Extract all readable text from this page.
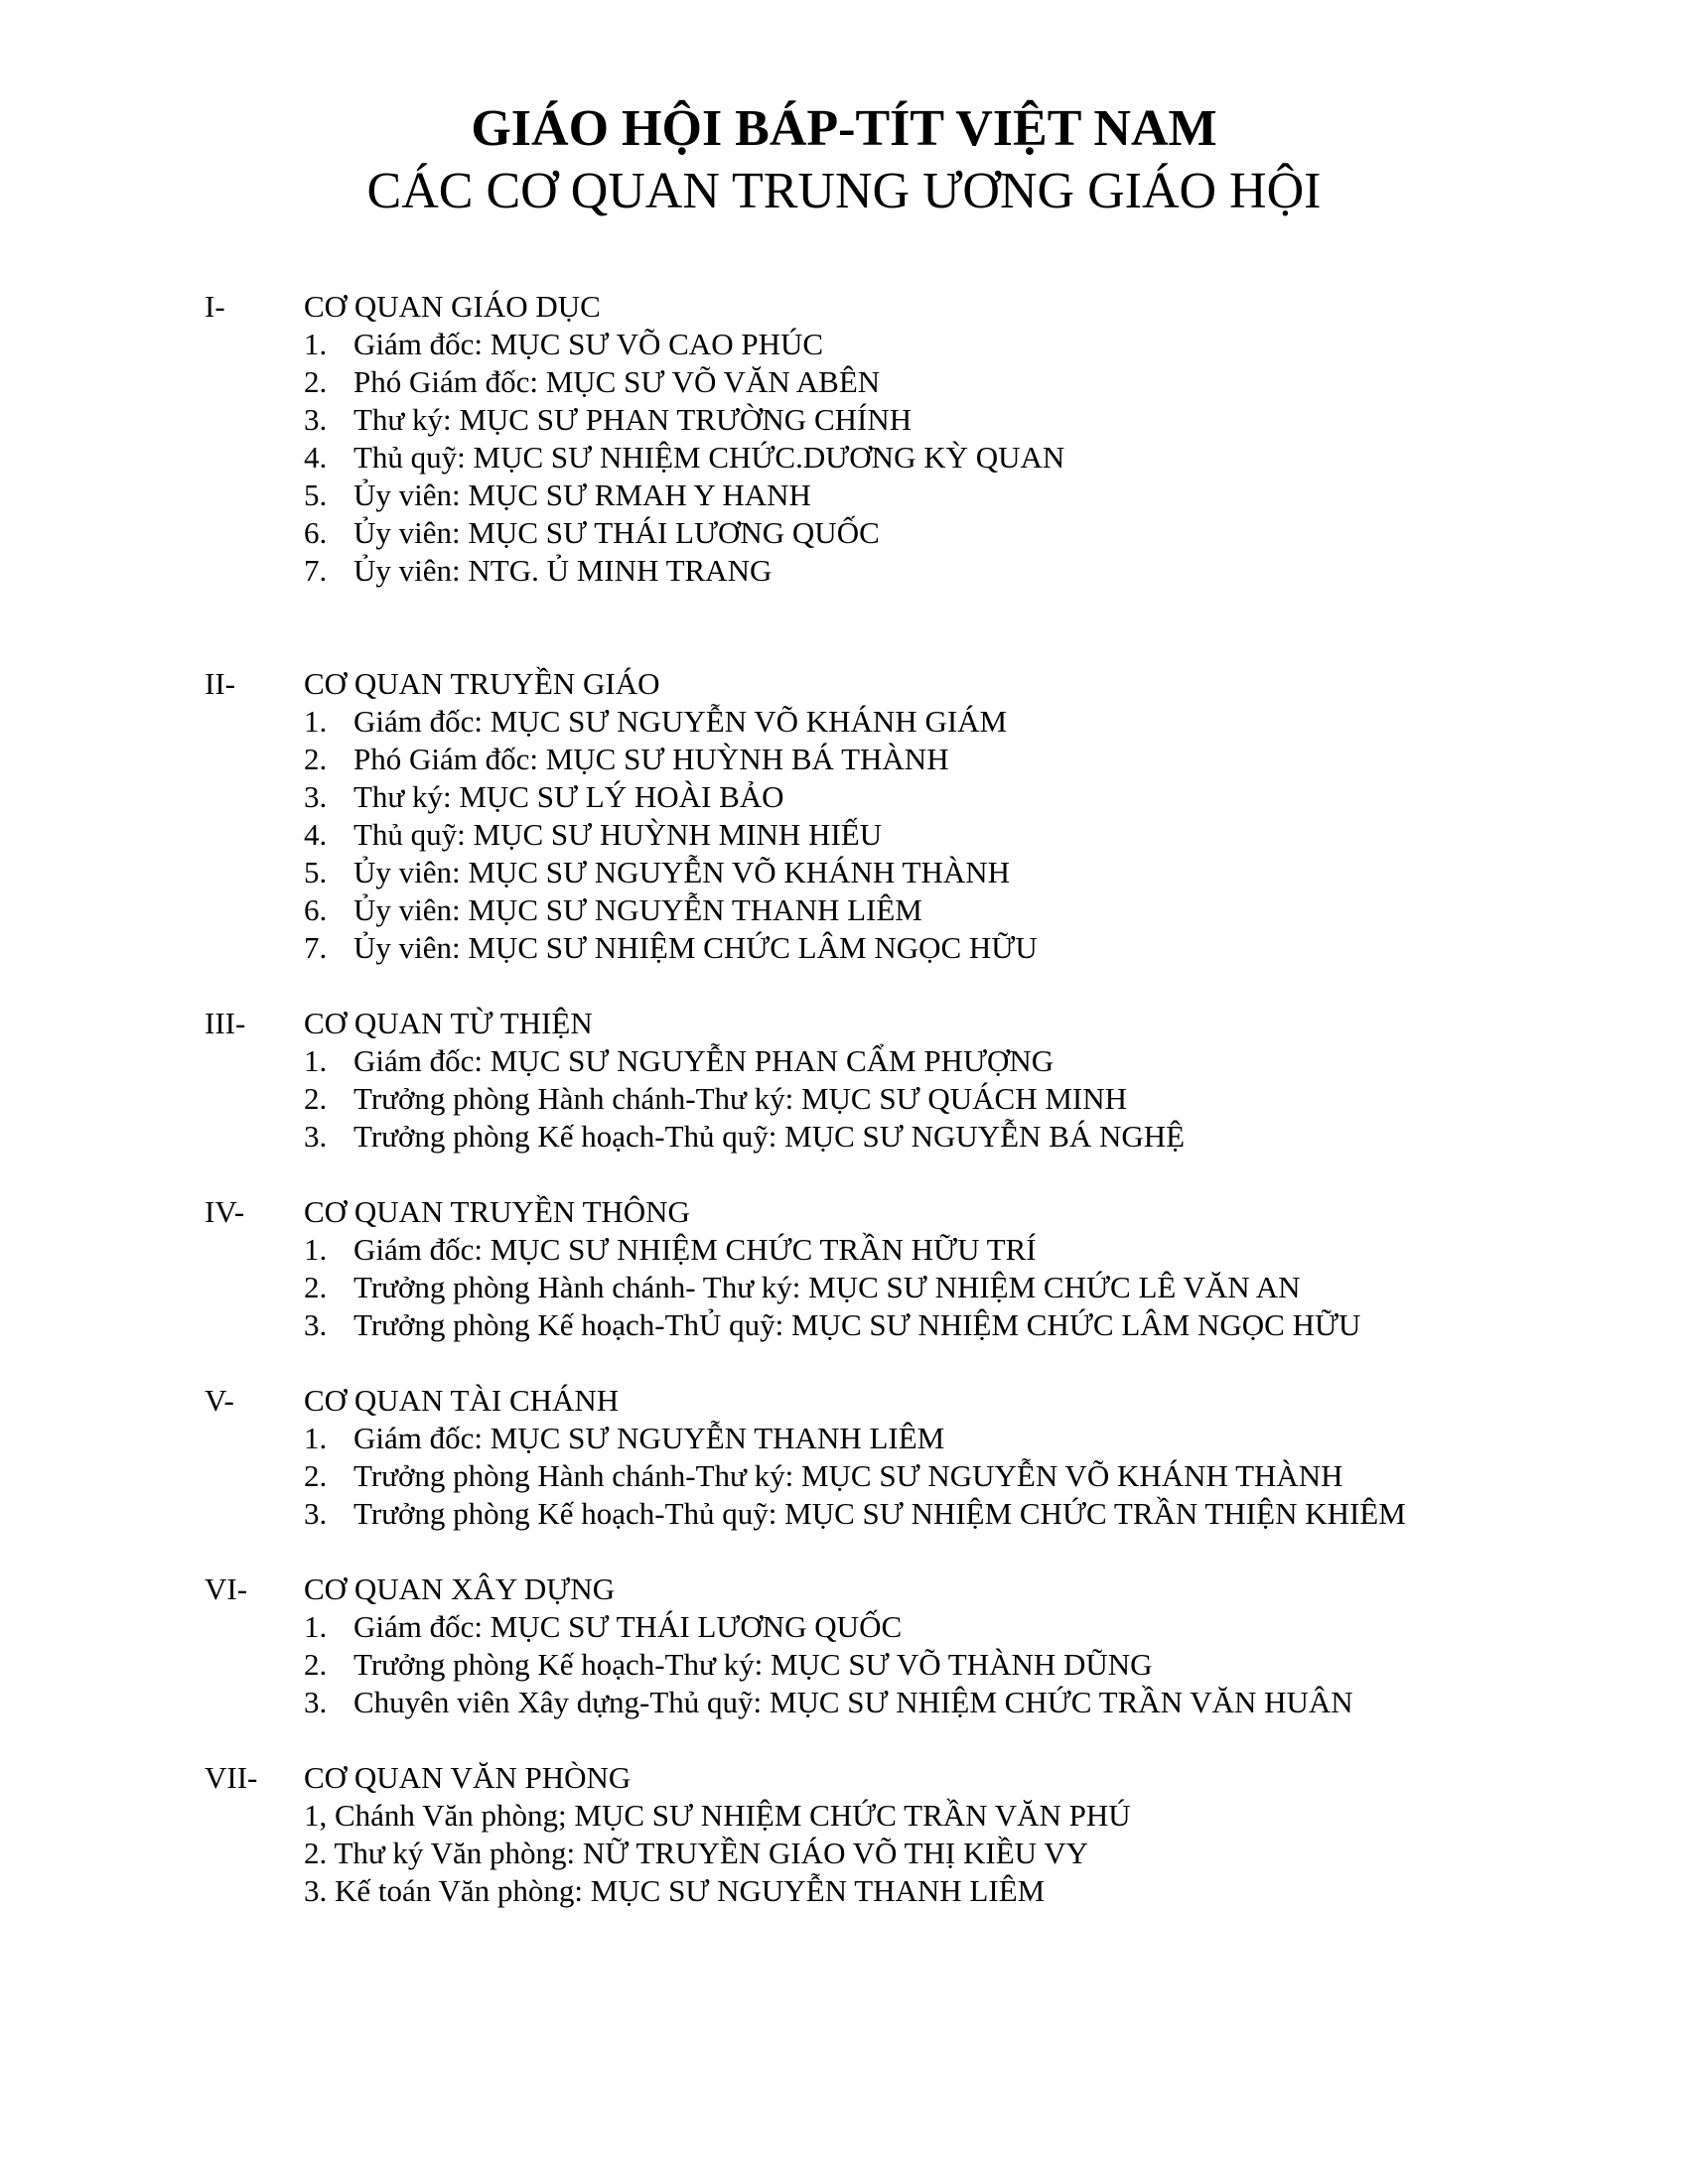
GIÁO HỘI BÁP-TÍT VIỆT NAM
CÁC CƠ QUAN TRUNG ƯƠNG GIÁO HỘI
I-	CƠ QUAN GIÁO DỤC
1. Giám đốc: MỤC SƯ VÕ CAO PHÚC
2. Phó Giám đốc: MỤC SƯ VÕ VĂN ABÊN
3. Thư ký: MỤC SƯ PHAN TRƯỜNG CHÍNH
4. Thủ quỹ: MỤC SƯ NHIỆM CHỨC.DƯƠNG KỲ QUAN
5. Ủy viên: MỤC SƯ RMAH Y HANH
6. Ủy viên: MỤC SƯ THÁI LƯƠNG QUỐC
7. Ủy viên: NTG. Ủ MINH TRANG
II- CƠ QUAN TRUYỀN GIÁO
1. Giám đốc: MỤC SƯ NGUYỄN VÕ KHÁNH GIÁM
2. Phó Giám đốc: MỤC SƯ HUỲNH BÁ THÀNH
3. Thư ký: MỤC SƯ LÝ HOÀI BẢO
4. Thủ quỹ: MỤC SƯ HUỲNH MINH HIẾU
5. Ủy viên: MỤC SƯ NGUYỄN VÕ KHÁNH THÀNH
6. Ủy viên: MỤC SƯ NGUYỄN THANH LIÊM
7. Ủy viên: MỤC SƯ NHIỆM CHỨC LÂM NGỌC HỮU
III- CƠ QUAN TỪ THIỆN
1. Giám đốc: MỤC SƯ NGUYỄN PHAN CẨM PHƯỢNG
2. Trưởng phòng Hành chánh-Thư ký: MỤC SƯ QUÁCH MINH
3. Trưởng phòng Kế hoạch-Thủ quỹ: MỤC SƯ NGUYỄN BÁ NGHỆ
IV- CƠ QUAN TRUYỀN THÔNG
1. Giám đốc: MỤC SƯ NHIỆM CHỨC TRẦN HỮU TRÍ
2. Trưởng phòng Hành chánh- Thư ký: MỤC SƯ NHIỆM CHỨC LÊ VĂN AN
3. Trưởng phòng Kế hoạch-ThỦ quỹ: MỤC SƯ NHIỆM CHỨC LÂM NGỌC HỮU
V- CƠ QUAN TÀI CHÁNH
1. Giám đốc: MỤC SƯ NGUYỄN THANH LIÊM
2. Trưởng phòng Hành chánh-Thư ký: MỤC SƯ NGUYỄN VÕ KHÁNH THÀNH
3. Trưởng phòng Kế hoạch-Thủ quỹ: MỤC SƯ NHIỆM CHỨC TRẦN THIỆN KHIÊM
VI- CƠ QUAN XÂY DỰNG
1. Giám đốc: MỤC SƯ THÁI LƯƠNG QUỐC
2. Trưởng phòng Kế hoạch-Thư ký: MỤC SƯ VÕ THÀNH DŨNG
3. Chuyên viên Xây dựng-Thủ quỹ: MỤC SƯ NHIỆM CHỨC TRẦN VĂN HUÂN
VII- CƠ QUAN VĂN PHÒNG
1, Chánh Văn phòng; MỤC SƯ NHIỆM CHỨC TRẦN VĂN PHÚ
2. Thư ký Văn phòng: NỮ TRUYỀN GIÁO VÕ THỊ KIỀU VY
3. Kế toán Văn phòng: MỤC SƯ NGUYỄN THANH LIÊM
